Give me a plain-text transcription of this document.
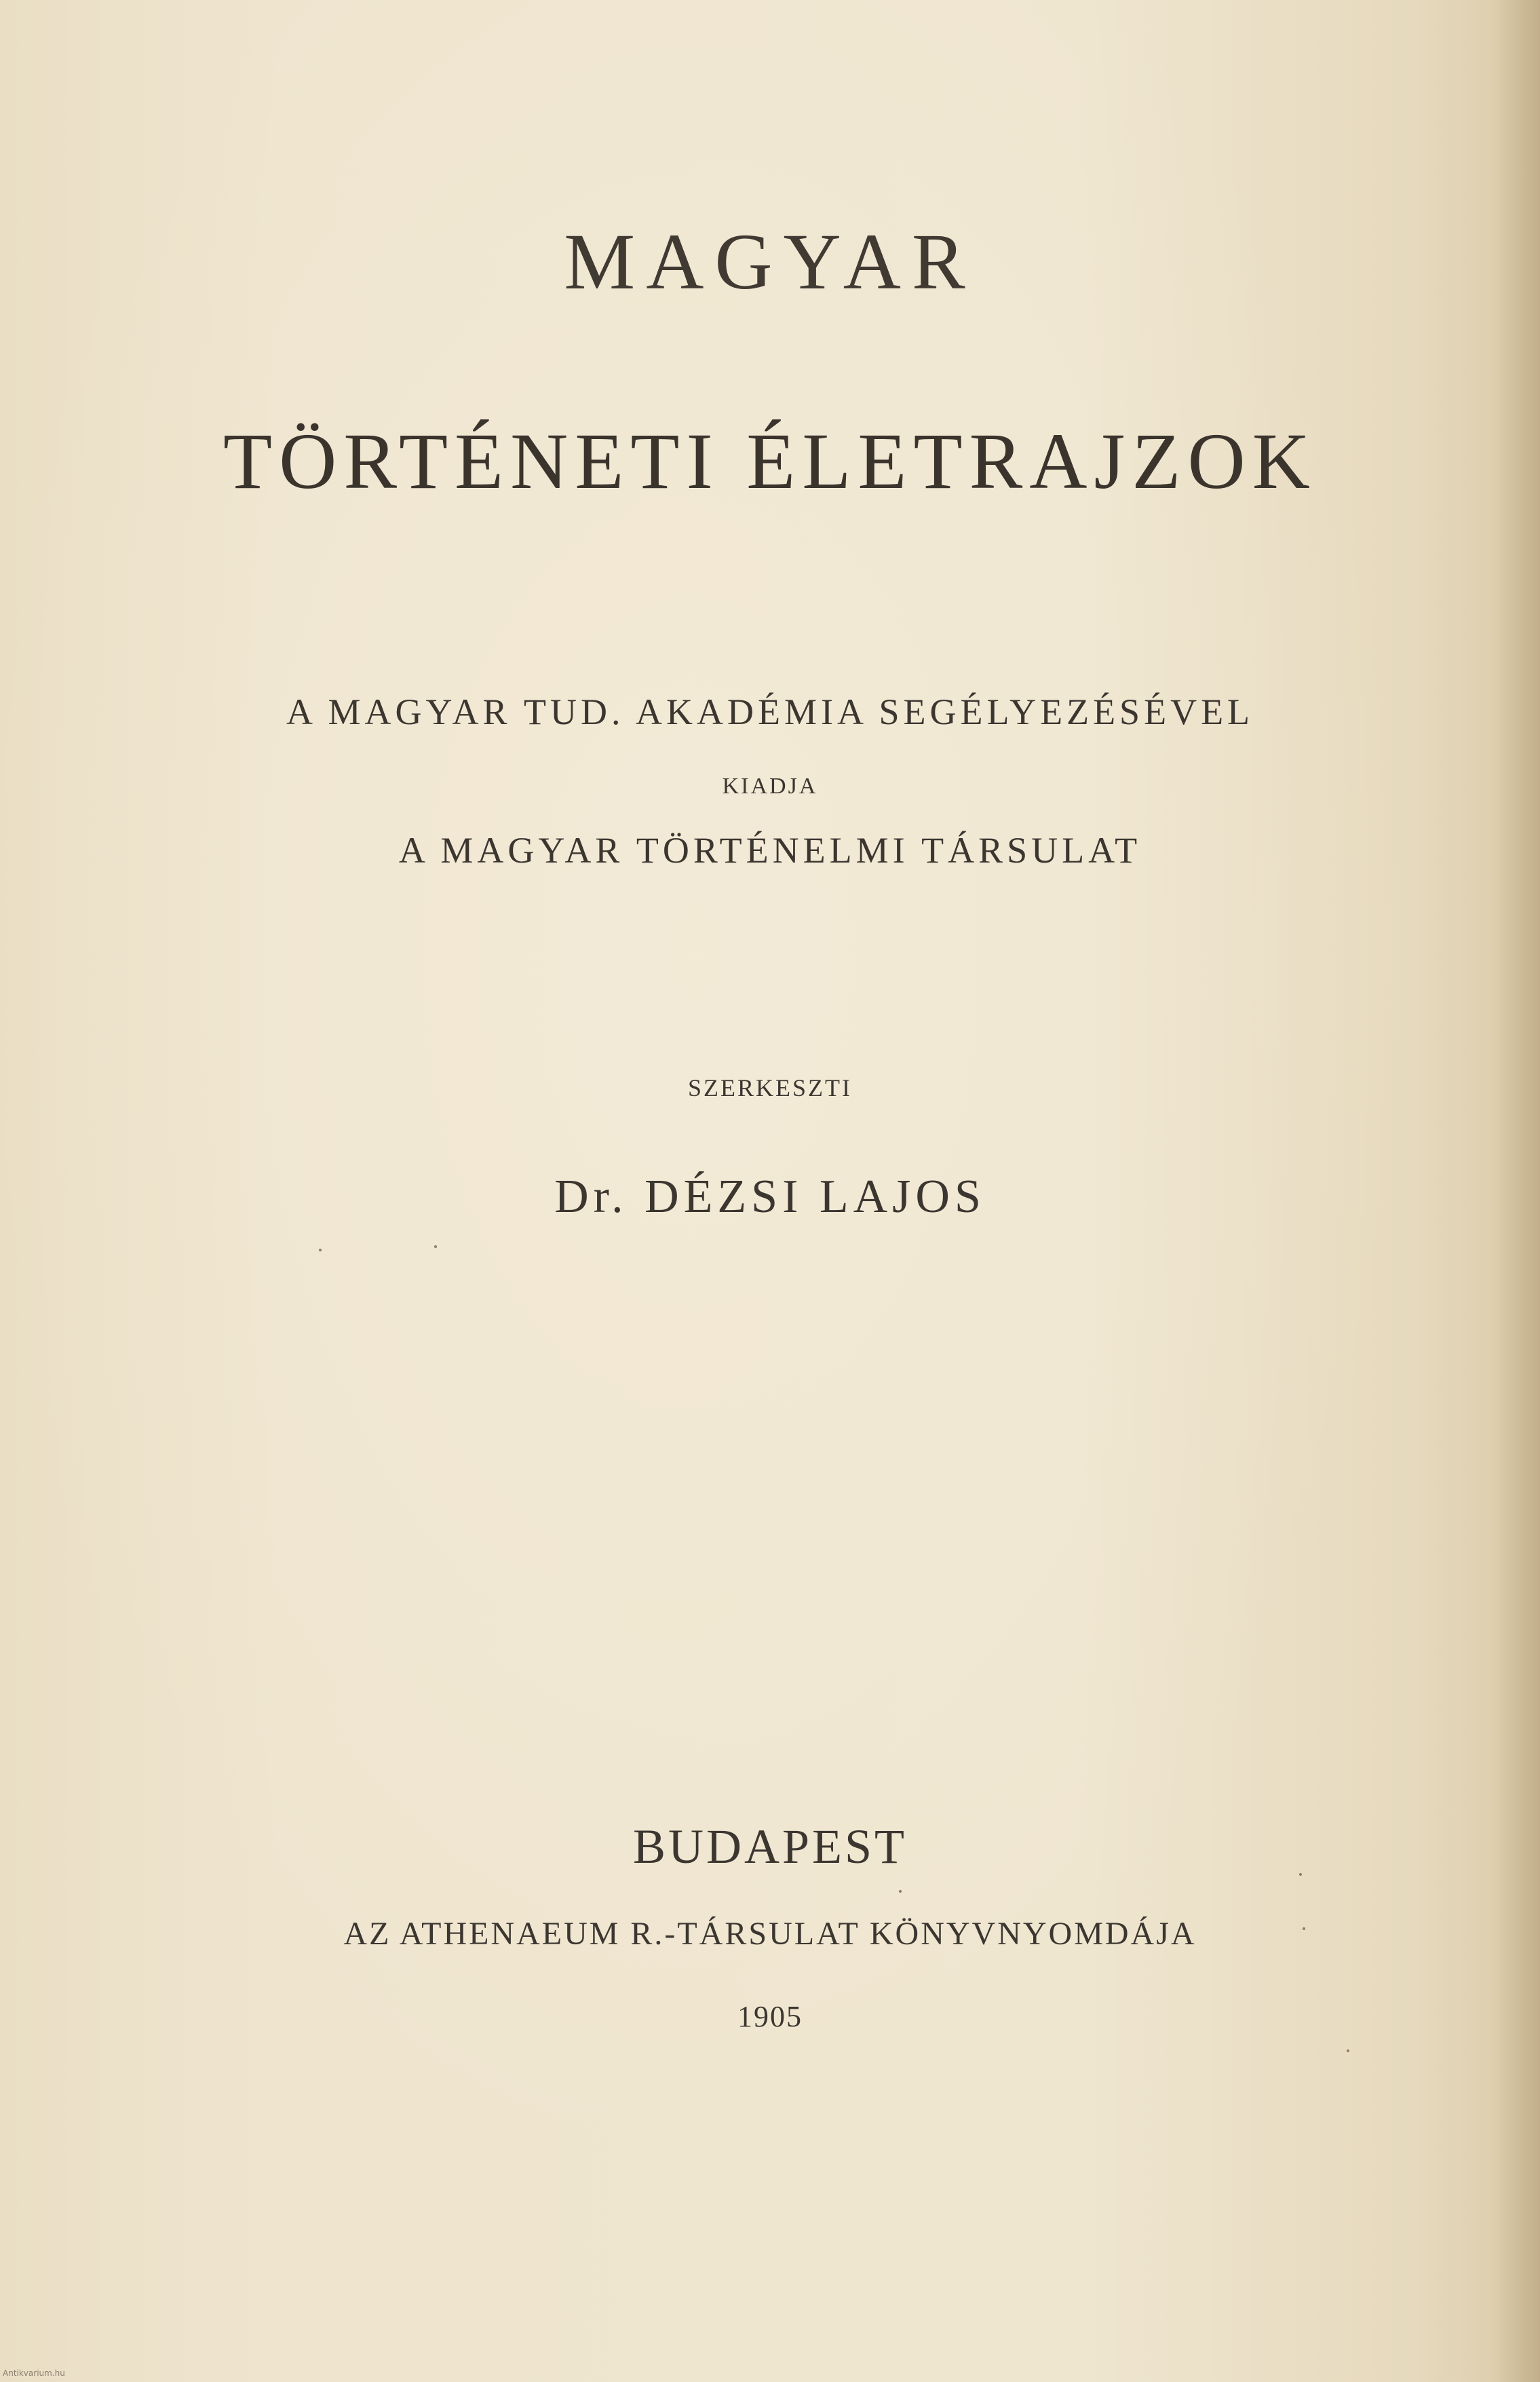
MAGYAR
TÖRTÉNETI ÉLETRAJZOK
A MAGYAR TUD. AKADÉMIA SEGÉLYEZÉSÉVEL
KIADJA
A MAGYAR TÖRTÉNELMI TÁRSULAT
SZERKESZTI
Dr. DÉZSI LAJOS
BUDAPEST
AZ ATHENAEUM R.-TÁRSULAT KÖNYVNYOMDÁJA
1905
Antikvarium.hu
